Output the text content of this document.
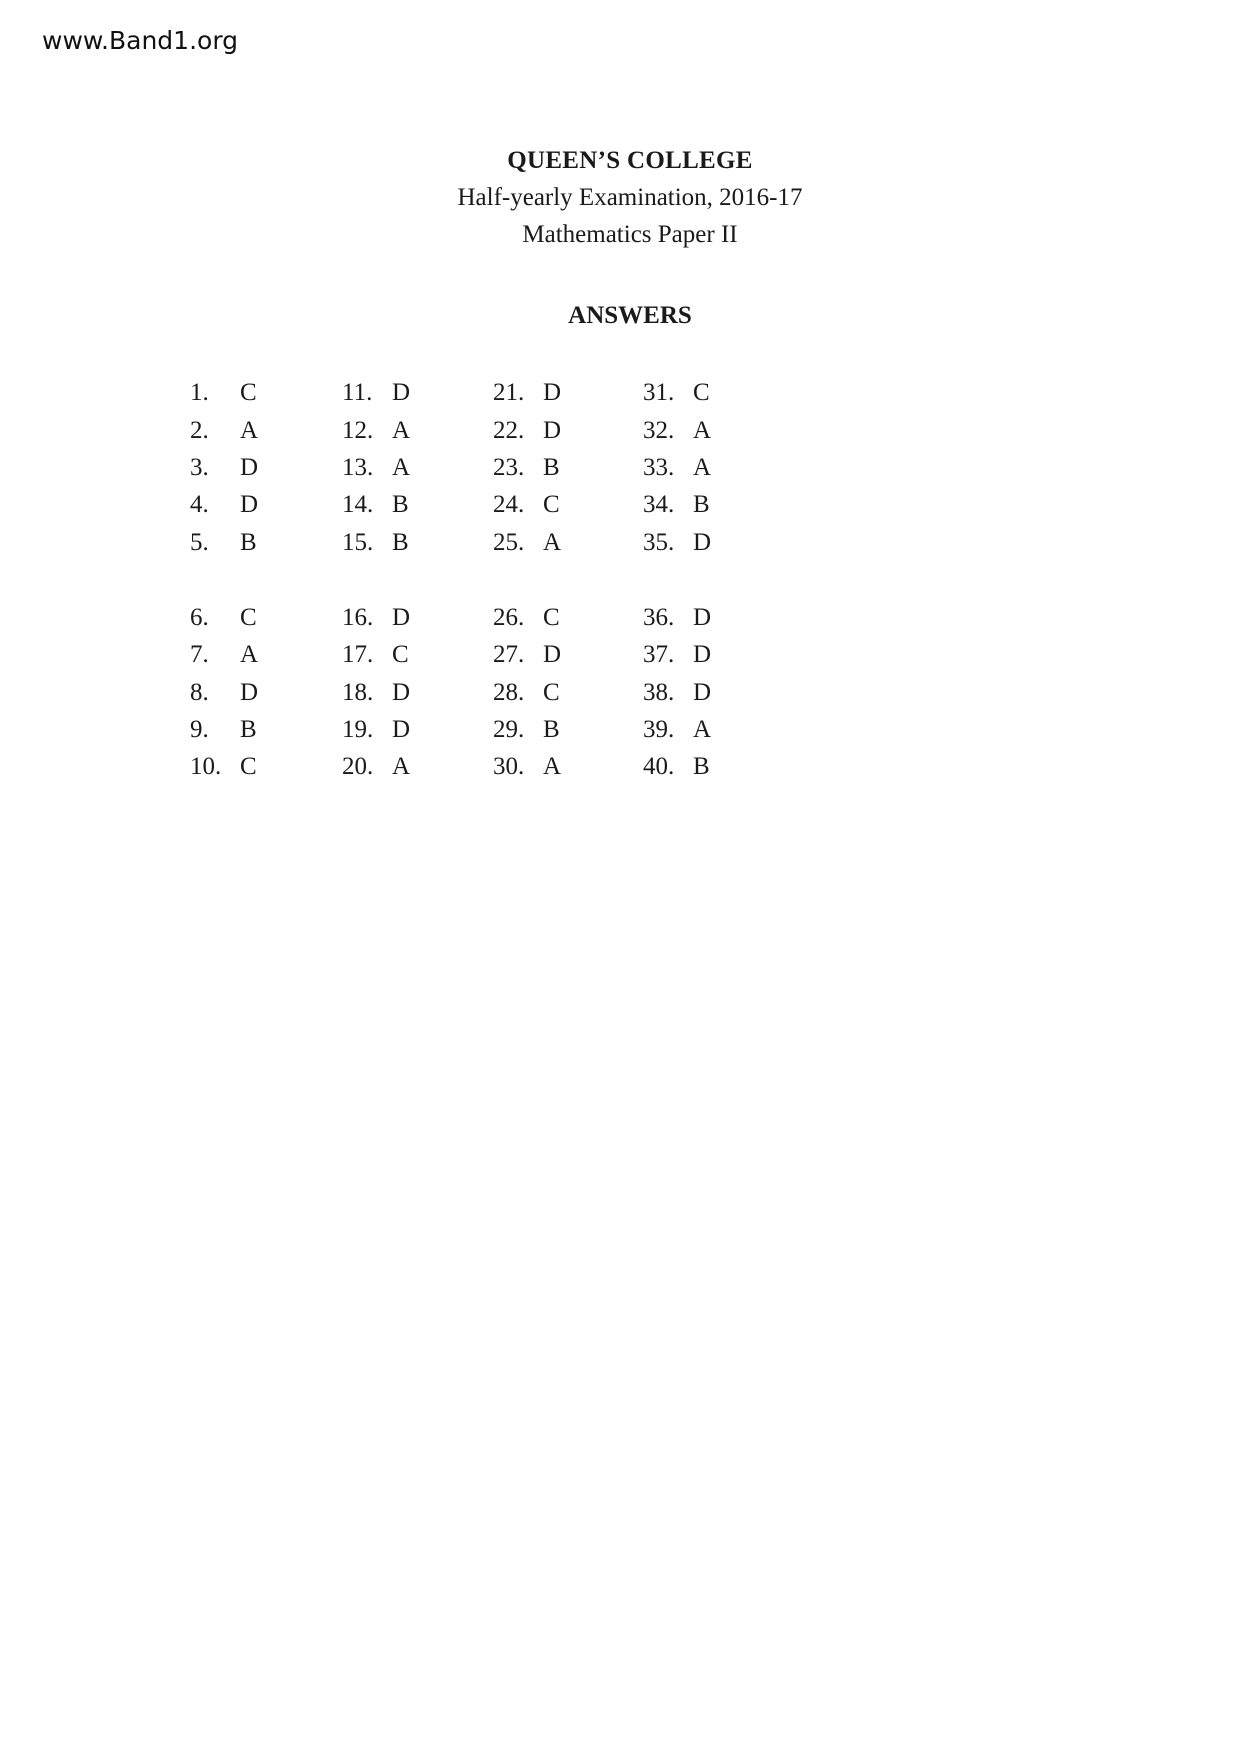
www.Band1.org
QUEEN’S COLLEGE
Half-yearly Examination, 2016-17
Mathematics Paper II
ANSWERS
1. C
2. A
3. D
4. D
5. B
6. C
7. A
8. D
9. B
10. C
11. D
12. A
13. A
14. B
15. B
16. D
17. C
18. D
19. D
20. A
21. D
22. D
23. B
24. C
25. A
26. C
27. D
28. C
29. B
30. A
31. C
32. A
33. A
34. B
35. D
36. D
37. D
38. D
39. A
40. B
